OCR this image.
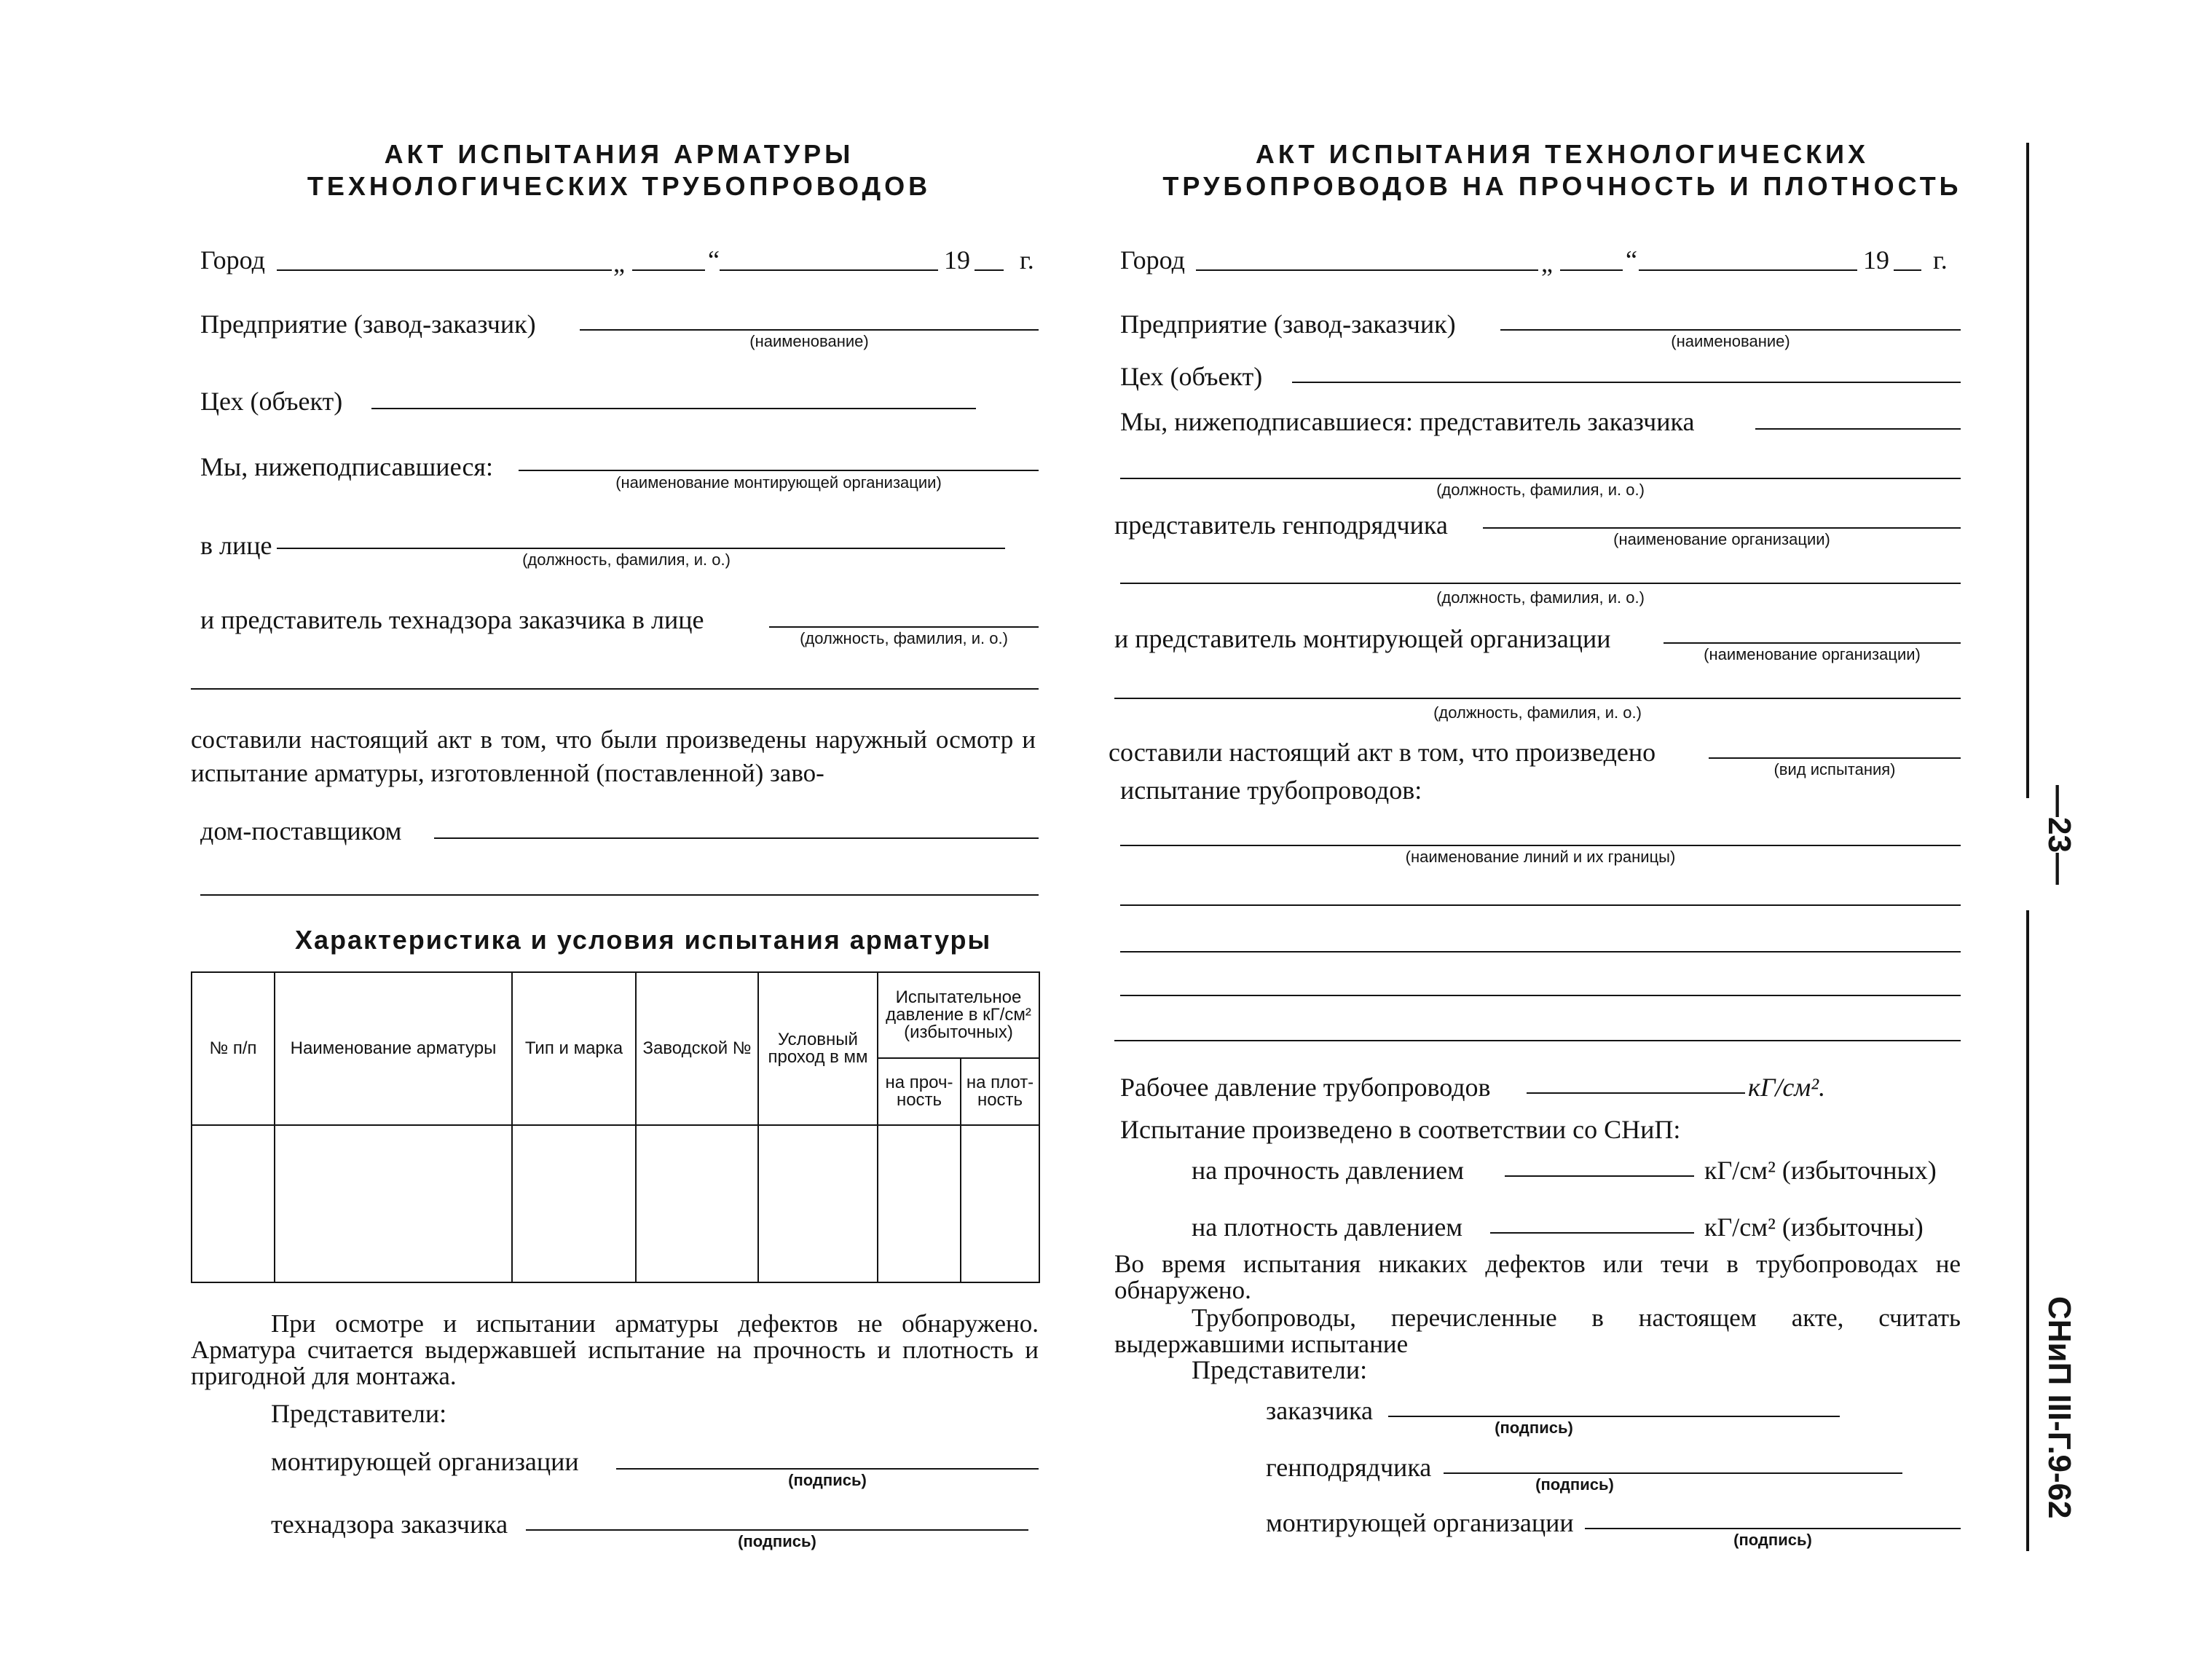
АКТ ИСПЫТАНИЯ АРМАТУРЫ
ТЕХНОЛОГИЧЕСКИХ ТРУБОПРОВОДОВ
Город	„	“	19 г.
Предприятие (завод-заказчик)
(наименование)
Цех (объект)
Мы, нижеподписавшиеся:
(наименование монтирующей организации)
в лице	(должность, фамилия, и. о.)
и представитель технадзора заказчика в лице
(должность, фамилия, и. о.)
составили настоящий акт в том, что были произведены наружный осмотр и испытание арматуры, изготовленной (поставленной) заво-
дом-поставщиком
Характеристика и условия испытания арматуры
№ п/п	Наименование арматуры	Тип и марка	Заводской №	Условный проход в мм	Испытательное давление в кГ/см² (избыточных)	
					на проч-ность	на плот-ность

При осмотре и испытании арматуры дефектов не обнаружено. Арматура считается выдержавшей испытание на прочность и плотность и пригодной для монтажа.
Представители:
монтирующей организации
(подпись)
технадзора заказчика
(подпись)
АКТ ИСПЫТАНИЯ ТЕХНОЛОГИЧЕСКИХ
ТРУБОПРОВОДОВ НА ПРОЧНОСТЬ И ПЛОТНОСТЬ
Город	„	“	19 г.
Предприятие (завод-заказчик)
(наименование)
Цех (объект)
Мы, нижеподписавшиеся: представитель заказчика
(должность, фамилия, и. о.)
представитель генподрядчика	(наименование организации)
(должность, фамилия, и. о.)
и представитель монтирующей организации
(наименование организации)
(должность, фамилия, и. о.)
составили настоящий акт в том, что произведено
(вид испытания)
испытание трубопроводов:
(наименование линий и их границы)
Рабочее давление трубопроводов	кГ/см².
Испытание произведено в соответствии со СНиП:
на прочность давлением	кГ/см² (избыточных)
на плотность давлением	кГ/см² (избыточны)
Во время испытания никаких дефектов или течи в трубопроводах не обнаружено.
Трубопроводы, перечисленные в настоящем акте, считать выдержавшими испытание
Представители:
заказчика
(подпись)
генподрядчика
(подпись)
монтирующей организации
(подпись)
—23—
СНиП III-Г.9-62
